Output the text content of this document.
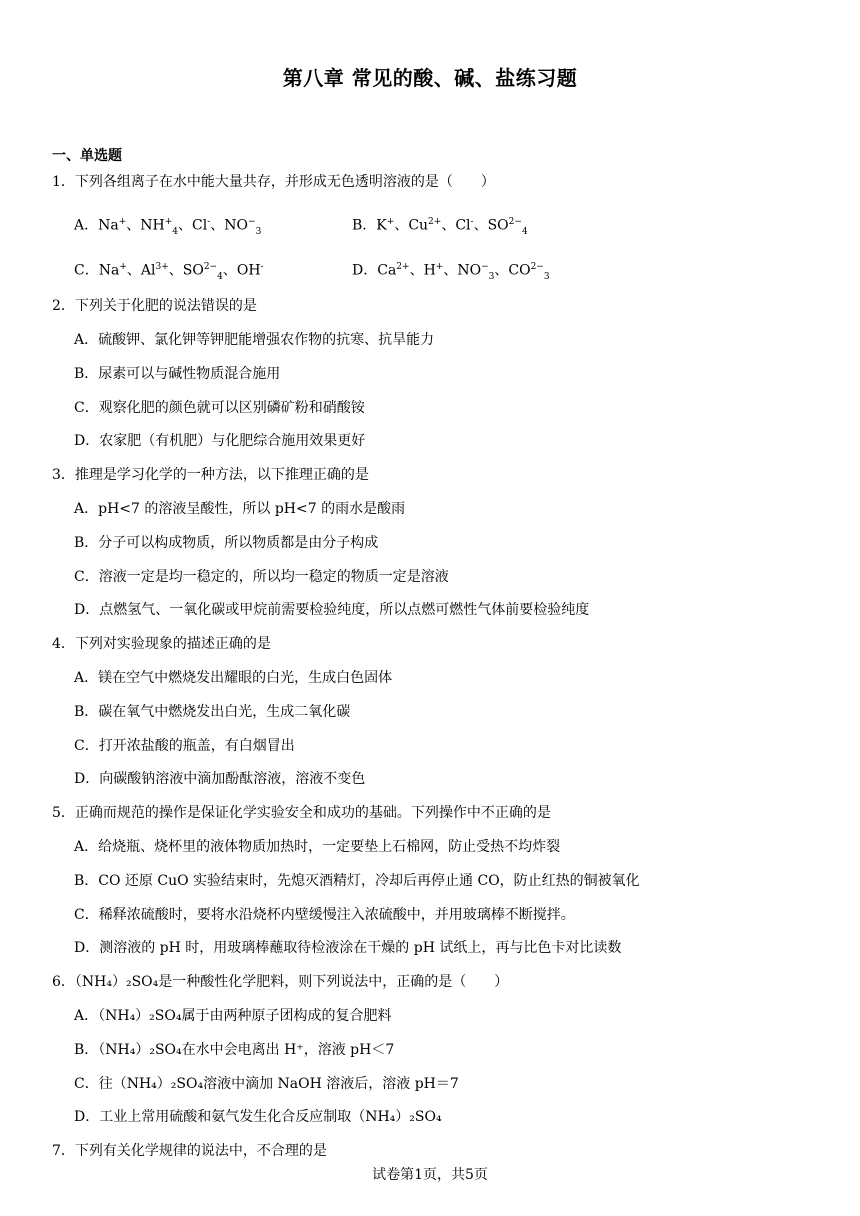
第八章 常见的酸、碱、盐练习题
一、单选题
1．下列各组离子在水中能大量共存，并形成无色透明溶液的是（　　）
A．Na+、$NH^+_4$、Cl-、$NO^-_3$	B．K+、$Cu^{2+}$、Cl-、$SO^{2-}_4$
C．Na+、$Al^{3+}$、$SO^{2-}_4$、OH-	D．$Ca^{2+}$、H+、$NO^-_3$、$CO^{2-}_3$
2．下列关于化肥的说法错误的是
A．硫酸钾、氯化钾等钾肥能增强农作物的抗寒、抗旱能力
B．尿素可以与碱性物质混合施用
C．观察化肥的颜色就可以区别磷矿粉和硝酸铵
D．农家肥（有机肥）与化肥综合施用效果更好
3．推理是学习化学的一种方法，以下推理正确的是
A．pH<7 的溶液呈酸性，所以 pH<7 的雨水是酸雨
B．分子可以构成物质，所以物质都是由分子构成
C．溶液一定是均一稳定的，所以均一稳定的物质一定是溶液
D．点燃氢气、一氧化碳或甲烷前需要检验纯度，所以点燃可燃性气体前要检验纯度
4．下列对实验现象的描述正确的是
A．镁在空气中燃烧发出耀眼的白光，生成白色固体
B．碳在氧气中燃烧发出白光，生成二氧化碳
C．打开浓盐酸的瓶盖，有白烟冒出
D．向碳酸钠溶液中滴加酚酞溶液，溶液不变色
5．正确而规范的操作是保证化学实验安全和成功的基础。下列操作中不正确的是
A．给烧瓶、烧杯里的液体物质加热时，一定要垫上石棉网，防止受热不均炸裂
B．CO 还原 CuO 实验结束时，先熄灭酒精灯，冷却后再停止通 CO，防止红热的铜被氧化
C．稀释浓硫酸时，要将水沿烧杯内壁缓慢注入浓硫酸中，并用玻璃棒不断搅拌。
D．测溶液的 pH 时，用玻璃棒蘸取待检液涂在干燥的 pH 试纸上，再与比色卡对比读数
6．（NH₄）₂SO₄是一种酸性化学肥料，则下列说法中，正确的是（　　）
A．（NH₄）₂SO₄属于由两种原子团构成的复合肥料
B．（NH₄）₂SO₄在水中会电离出 H⁺，溶液 pH＜7
C．往（NH₄）₂SO₄溶液中滴加 NaOH 溶液后，溶液 pH＝7
D．工业上常用硫酸和氨气发生化合反应制取（NH₄）₂SO₄
7．下列有关化学规律的说法中，不合理的是
试卷第1页，共5页
